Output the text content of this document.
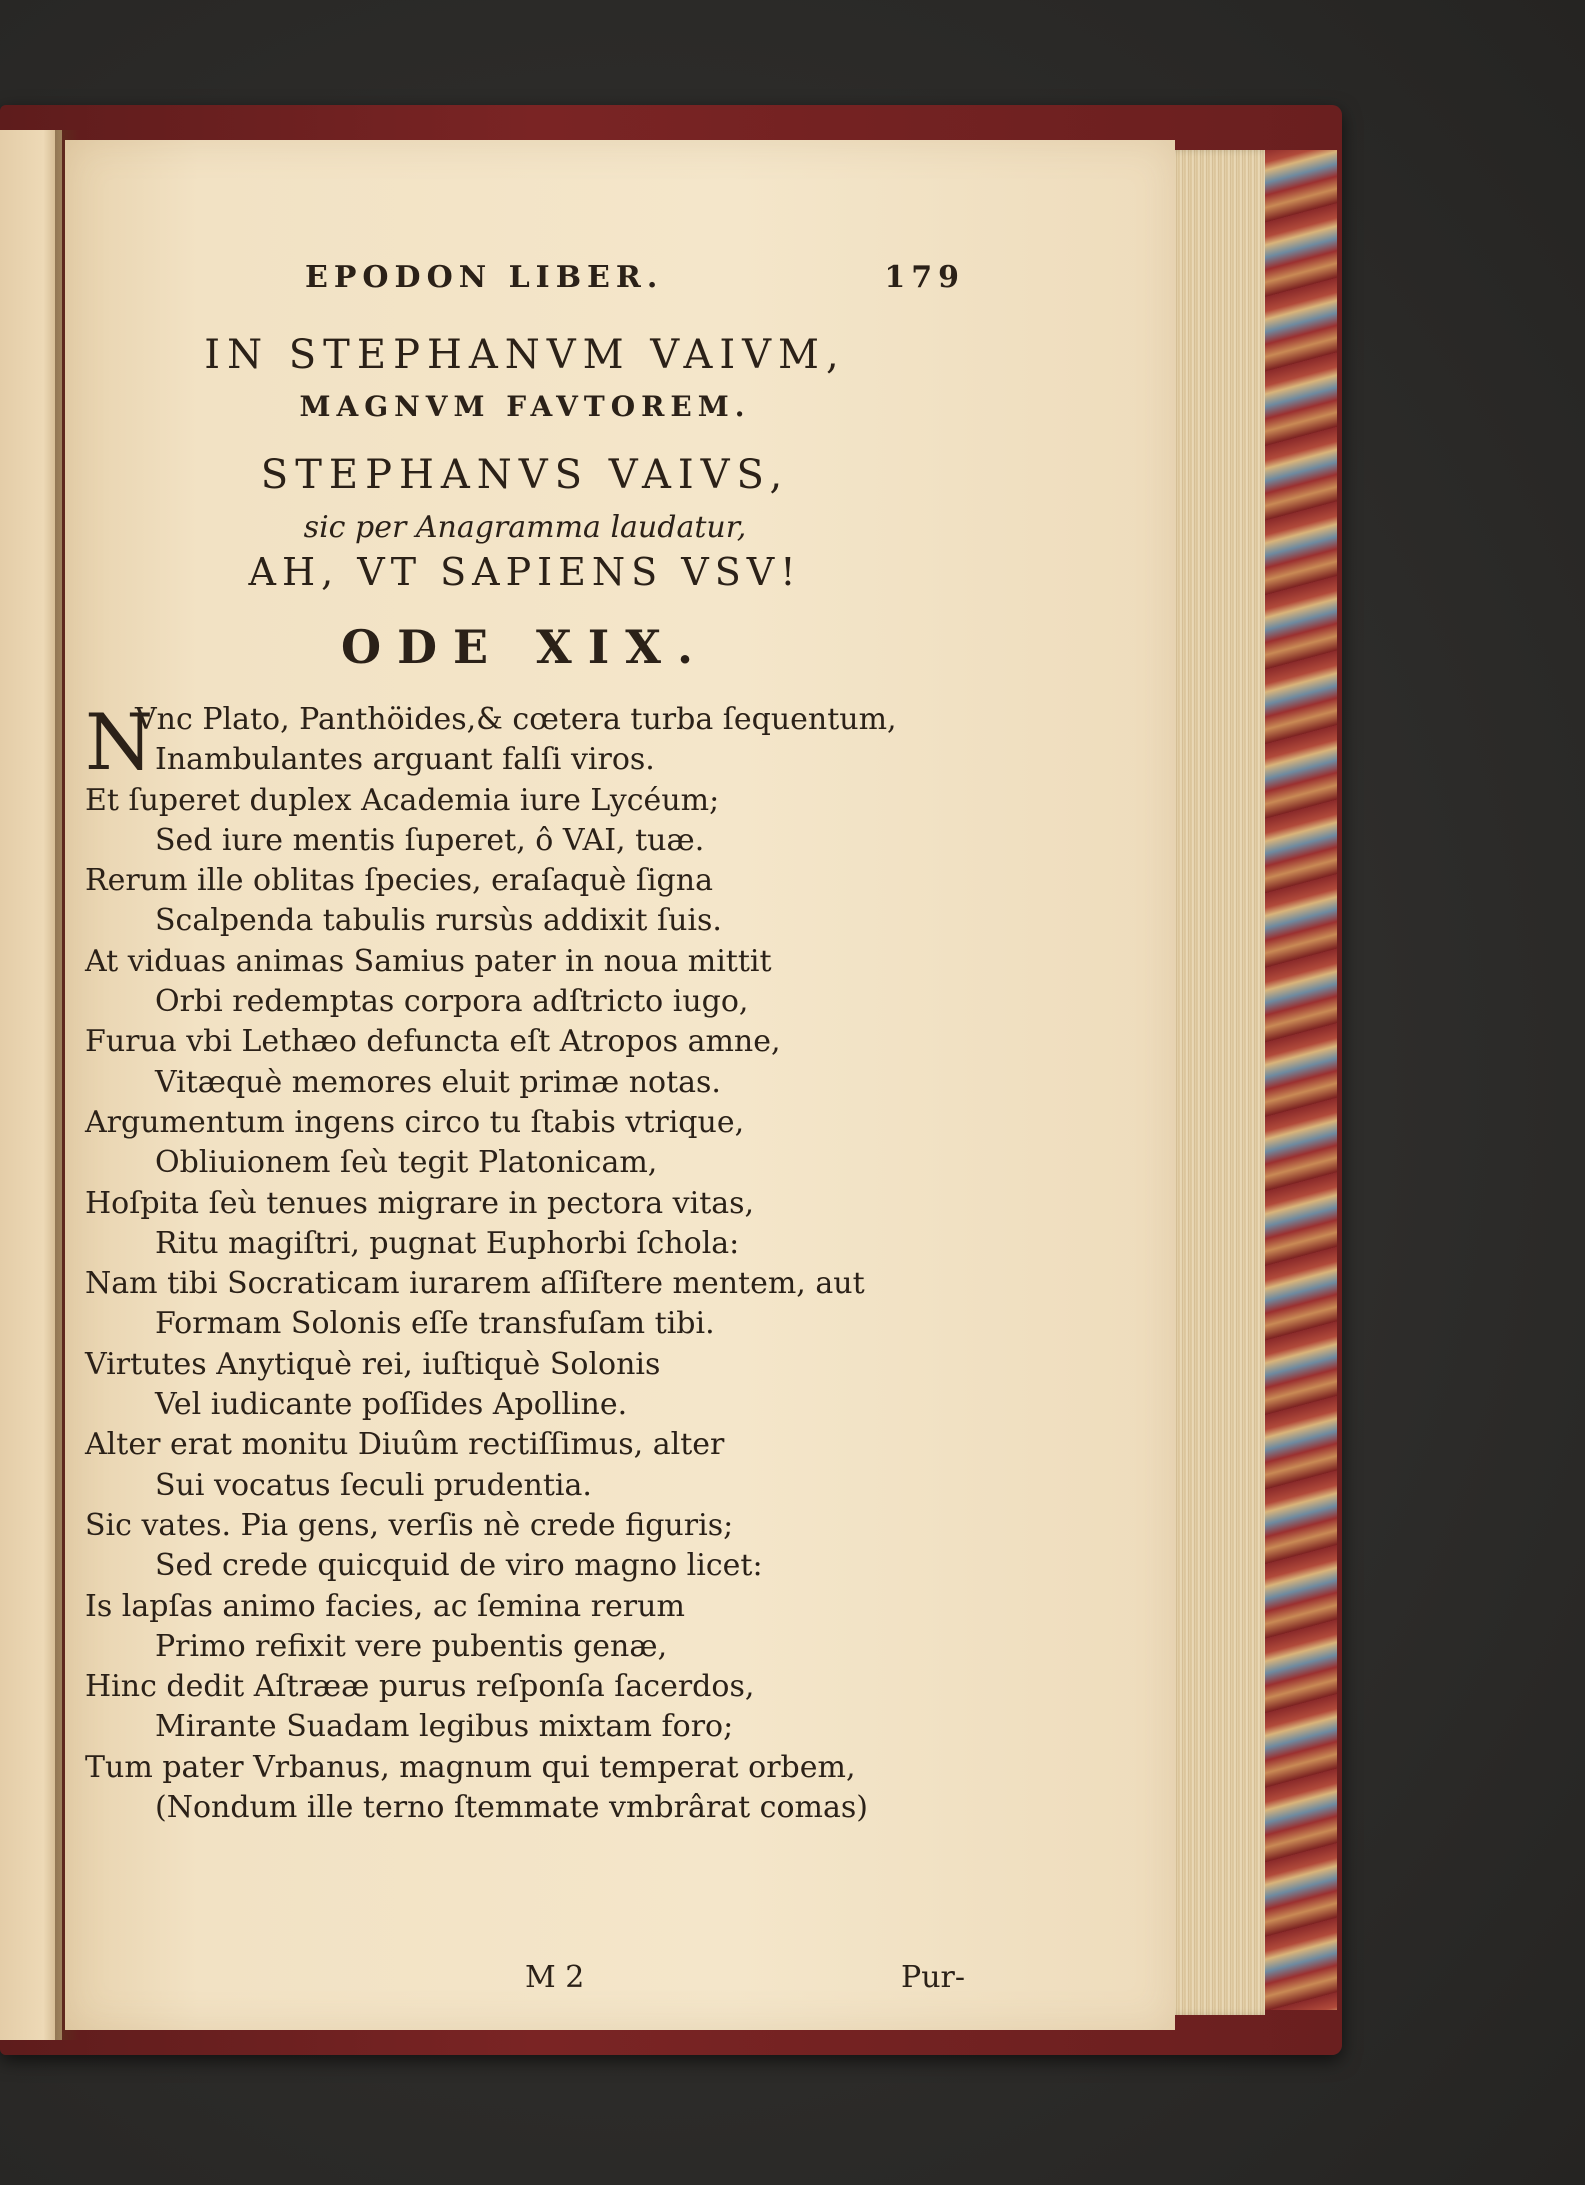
EPODON LIBER.	179
IN STEPHANVM VAIVM,
MAGNVM FAVTOREM.
STEPHANVS VAIVS,
sic per Anagramma laudatur,
AH, VT SAPIENS VSV!
ODE XIX.
N
Vnc Plato, Panthöides,& cœtera turba ſequentum,
Inambulantes arguant falſi viros.
Et ſuperet duplex Academia iure Lycéum;
Sed iure mentis ſuperet, ô VAI, tuæ.
Rerum ille oblitas ſpecies, eraſaquè ſigna
Scalpenda tabulis rursùs addixit ſuis.
At viduas animas Samius pater in noua mittit
Orbi redemptas corpora adſtricto iugo,
Furua vbi Lethæo defuncta eſt Atropos amne,
Vitæquè memores eluit primæ notas.
Argumentum ingens circo tu ſtabis vtrique,
Obliuionem ſeù tegit Platonicam,
Hoſpita ſeù tenues migrare in pectora vitas,
Ritu magiſtri, pugnat Euphorbi ſchola:
Nam tibi Socraticam iurarem aſſiſtere mentem, aut
Formam Solonis eſſe transfuſam tibi.
Virtutes Anytiquè rei, iuſtiquè Solonis
Vel iudicante poſſides Apolline.
Alter erat monitu Diuûm rectiſſimus, alter
Sui vocatus ſeculi prudentia.
Sic vates. Pia gens, verſis nè crede figuris;
Sed crede quicquid de viro magno licet:
Is lapſas animo facies, ac ſemina rerum
Primo refixit vere pubentis genæ,
Hinc dedit Aſtrææ purus reſponſa ſacerdos,
Mirante Suadam legibus mixtam foro;
Tum pater Vrbanus, magnum qui temperat orbem,
(Nondum ille terno ſtemmate vmbrârat comas)
M 2	Pur-
